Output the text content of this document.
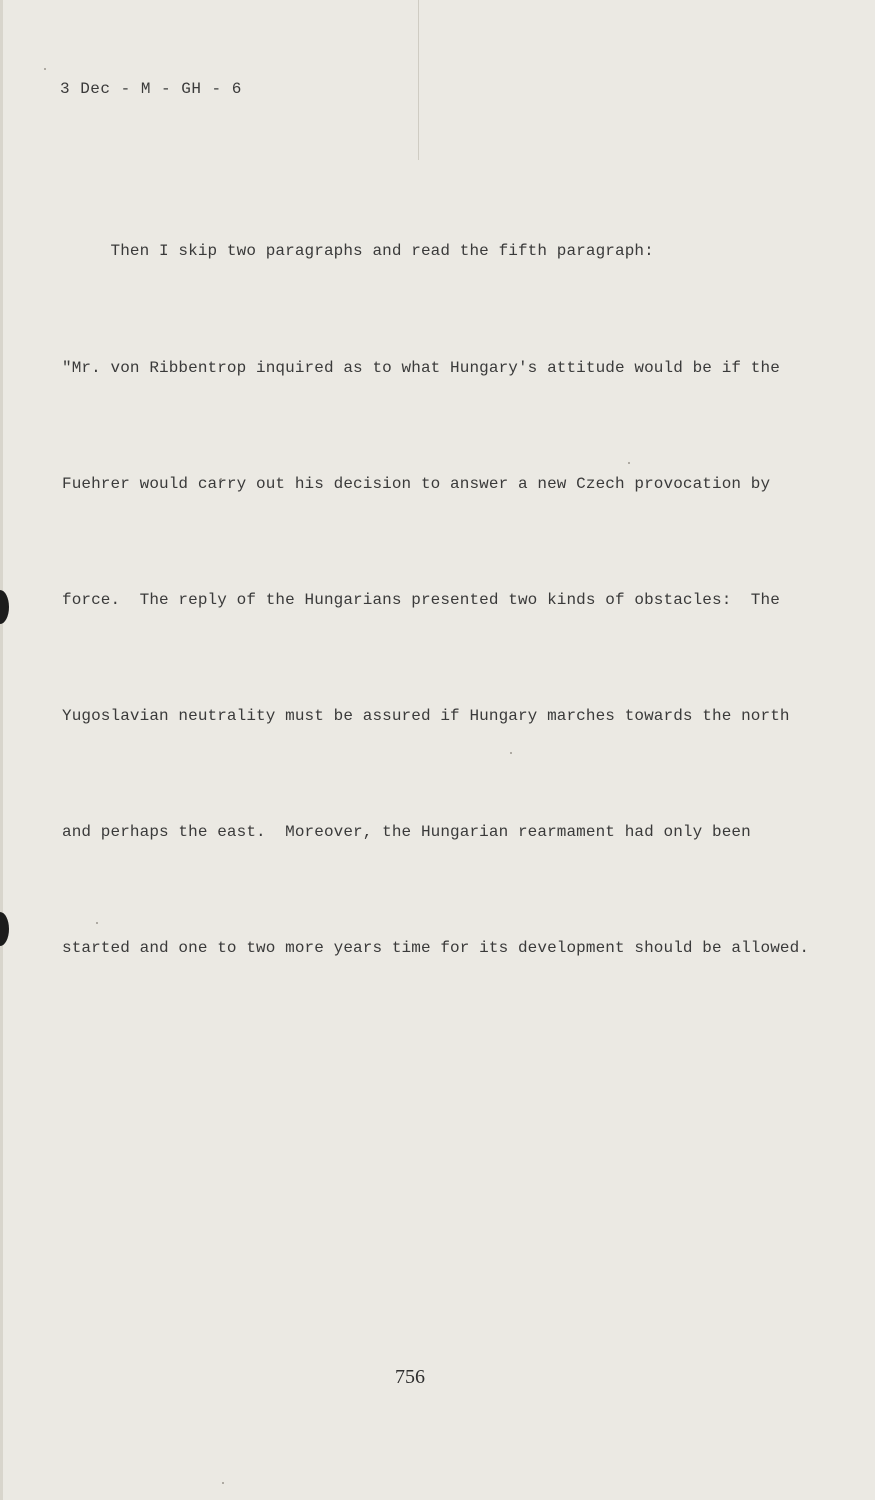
3 Dec - M - GH - 6

Then I skip two paragraphs and read the fifth paragraph:

"Mr. von Ribbentrop inquired as to what Hungary's attitude would be if the

Fuehrer would carry out his decision to answer a new Czech provocation by

force.  The reply of the Hungarians presented two kinds of obstacles:  The

Yugoslavian neutrality must be assured if Hungary marches towards the north

and perhaps the east.  Moreover, the Hungarian rearmament had only been

started and one to two more years time for its development should be allowed.

756
